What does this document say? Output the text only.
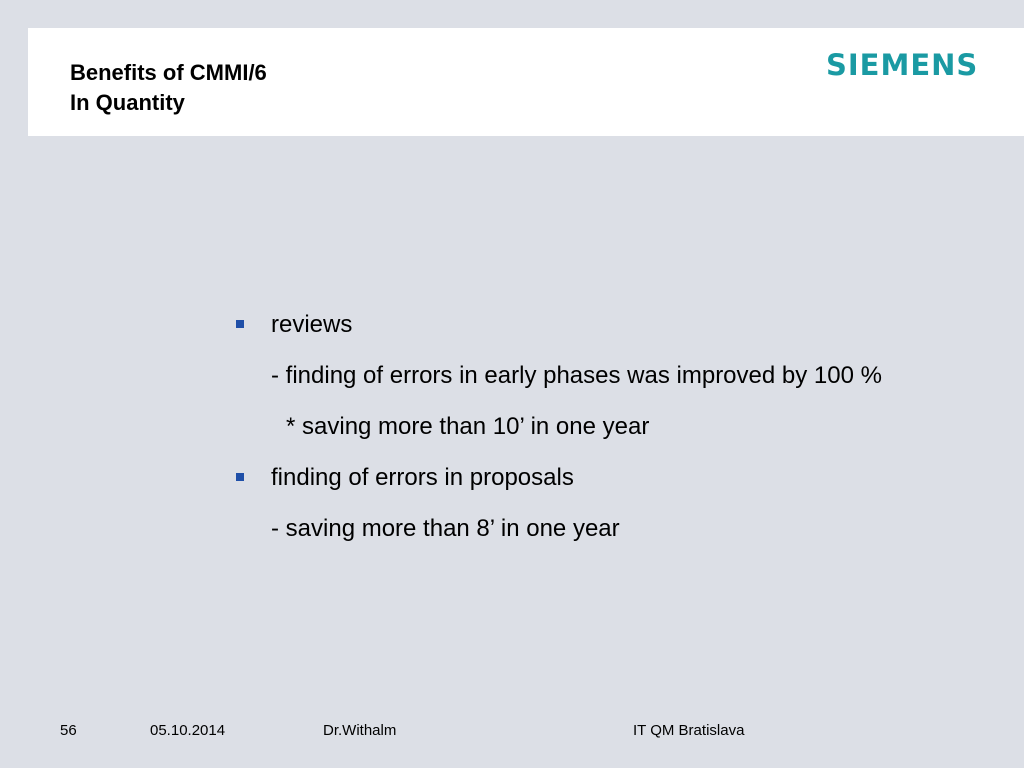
Benefits of CMMI/6
In Quantity
SIEMENS
reviews
- finding of errors in early phases was improved by 100 %
* saving more than 10’ in one year
finding of errors in proposals
- saving more than 8’ in one year
56	05.10.2014	Dr.Withalm	IT QM Bratislava
